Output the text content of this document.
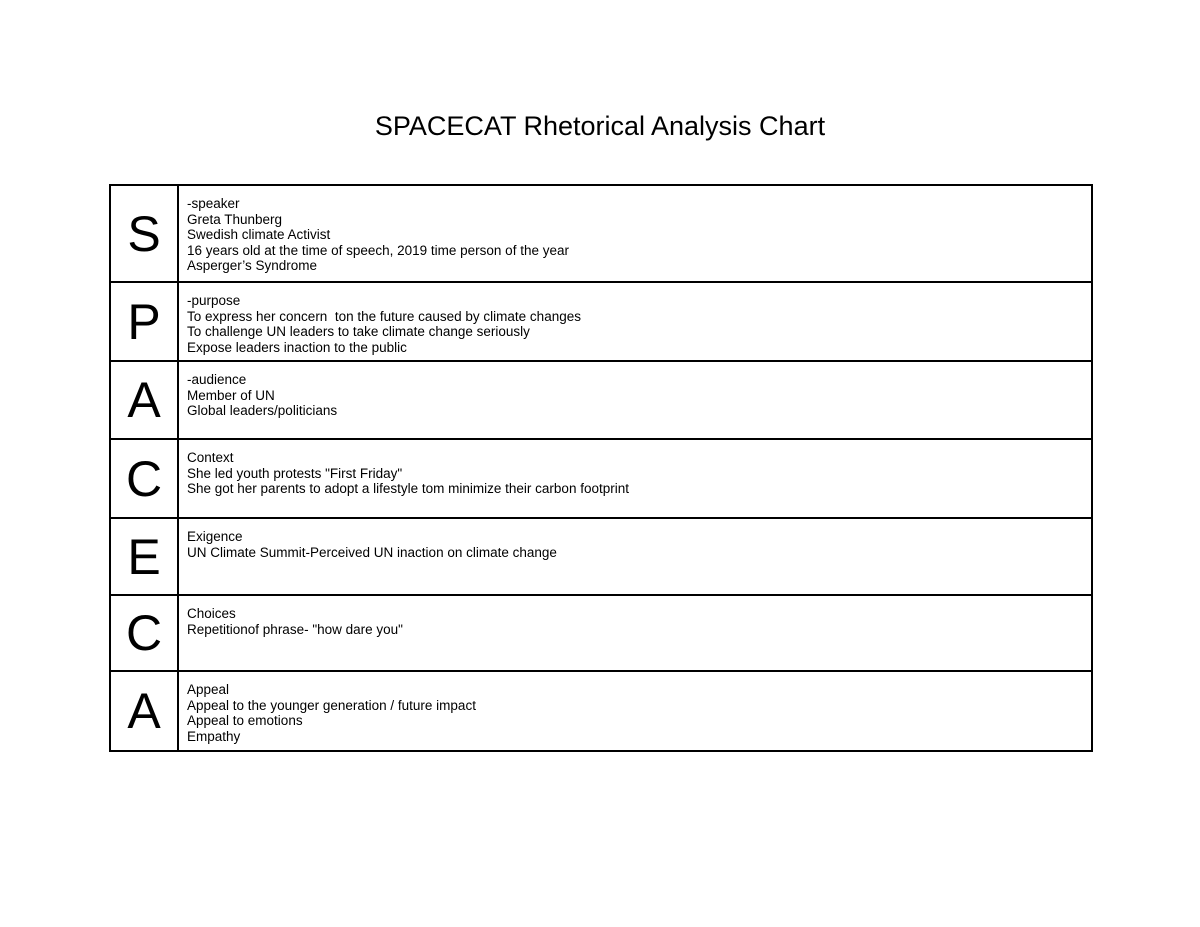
SPACECAT Rhetorical Analysis Chart
S	-speaker
Greta Thunberg
Swedish climate Activist
16 years old at the time of speech, 2019 time person of the year
Asperger’s Syndrome

P	-purpose
To express her concern  ton the future caused by climate changes
To challenge UN leaders to take climate change seriously
Expose leaders inaction to the public

A	-audience
Member of UN
Global leaders/politicians

C	Context
She led youth protests "First Friday"
She got her parents to adopt a lifestyle tom minimize their carbon footprint

E	Exigence
UN Climate Summit-Perceived UN inaction on climate change

C	Choices
Repetitionof phrase- "how dare you"

A	Appeal
Appeal to the younger generation / future impact
Appeal to emotions
Empathy
